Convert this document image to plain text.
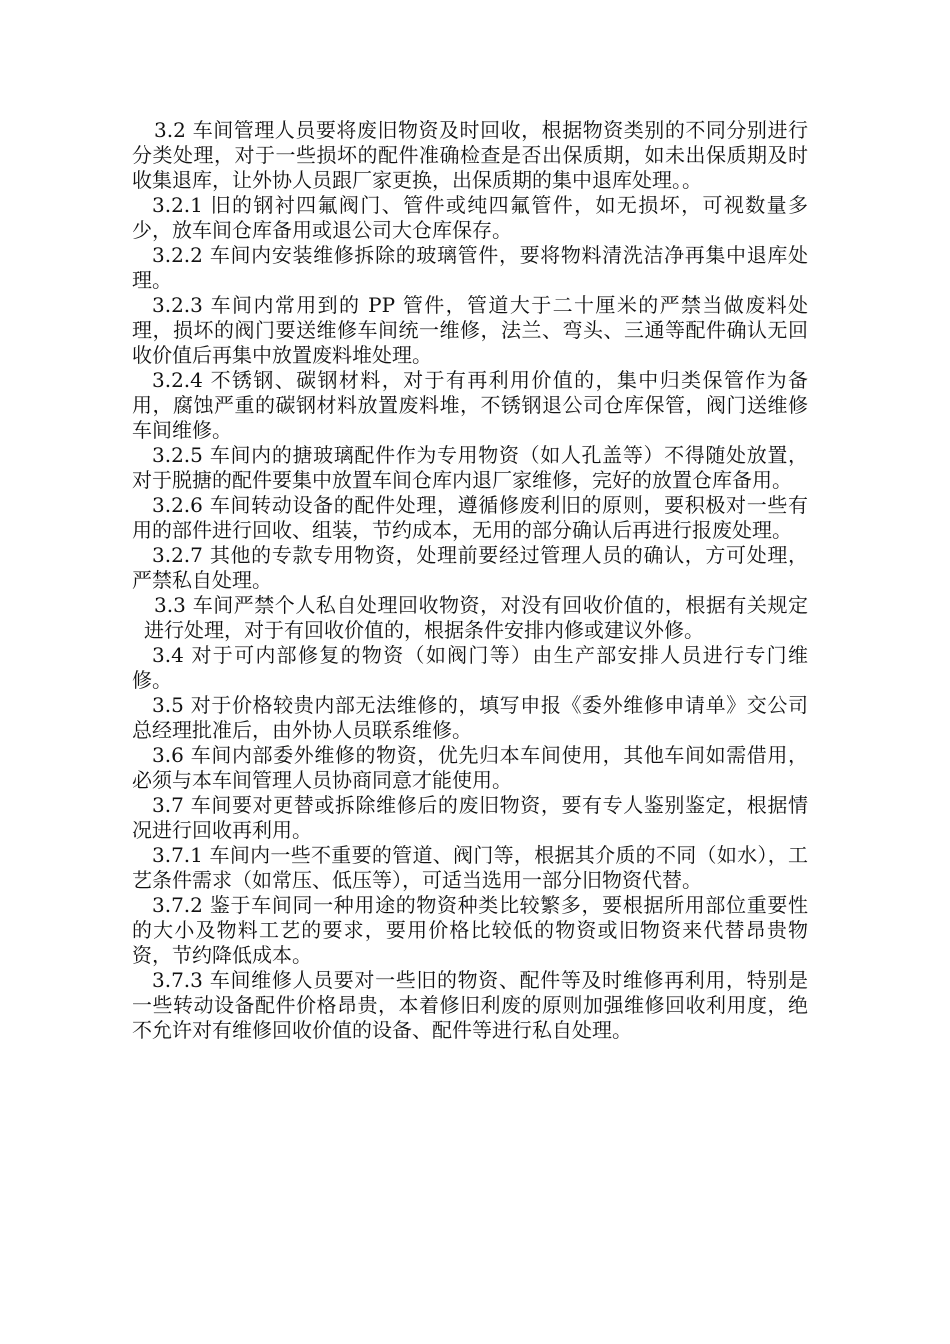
3.2 车间管理人员要将废旧物资及时回收，根据物资类别的不同分别进行分类处理，对于一些损坏的配件准确检查是否出保质期，如未出保质期及时收集退库，让外协人员跟厂家更换，出保质期的集中退库处理。。

3.2.1 旧的钢衬四氟阀门、管件或纯四氟管件，如无损坏，可视数量多少，放车间仓库备用或退公司大仓库保存。

3.2.2 车间内安装维修拆除的玻璃管件，要将物料清洗洁净再集中退库处理。

3.2.3 车间内常用到的 PP 管件，管道大于二十厘米的严禁当做废料处理，损坏的阀门要送维修车间统一维修，法兰、弯头、三通等配件确认无回收价值后再集中放置废料堆处理。

3.2.4 不锈钢、碳钢材料，对于有再利用价值的，集中归类保管作为备用，腐蚀严重的碳钢材料放置废料堆，不锈钢退公司仓库保管，阀门送维修车间维修。

3.2.5 车间内的搪玻璃配件作为专用物资（如人孔盖等）不得随处放置，对于脱搪的配件要集中放置车间仓库内退厂家维修，完好的放置仓库备用。

3.2.6 车间转动设备的配件处理，遵循修废利旧的原则，要积极对一些有用的部件进行回收、组装，节约成本，无用的部分确认后再进行报废处理。

3.2.7 其他的专款专用物资，处理前要经过管理人员的确认，方可处理，严禁私自处理。

3.3 车间严禁个人私自处理回收物资，对没有回收价值的，根据有关规定进行处理，对于有回收价值的，根据条件安排内修或建议外修。

3.4 对于可内部修复的物资（如阀门等）由生产部安排人员进行专门维修。

3.5 对于价格较贵内部无法维修的，填写申报《委外维修申请单》交公司总经理批准后，由外协人员联系维修。

3.6 车间内部委外维修的物资，优先归本车间使用，其他车间如需借用，必须与本车间管理人员协商同意才能使用。

3.7 车间要对更替或拆除维修后的废旧物资，要有专人鉴别鉴定，根据情况进行回收再利用。

3.7.1 车间内一些不重要的管道、阀门等，根据其介质的不同（如水），工艺条件需求（如常压、低压等），可适当选用一部分旧物资代替。

3.7.2 鉴于车间同一种用途的物资种类比较繁多，要根据所用部位重要性的大小及物料工艺的要求，要用价格比较低的物资或旧物资来代替昂贵物资，节约降低成本。

3.7.3 车间维修人员要对一些旧的物资、配件等及时维修再利用，特别是一些转动设备配件价格昂贵，本着修旧利废的原则加强维修回收利用度，绝不允许对有维修回收价值的设备、配件等进行私自处理。
